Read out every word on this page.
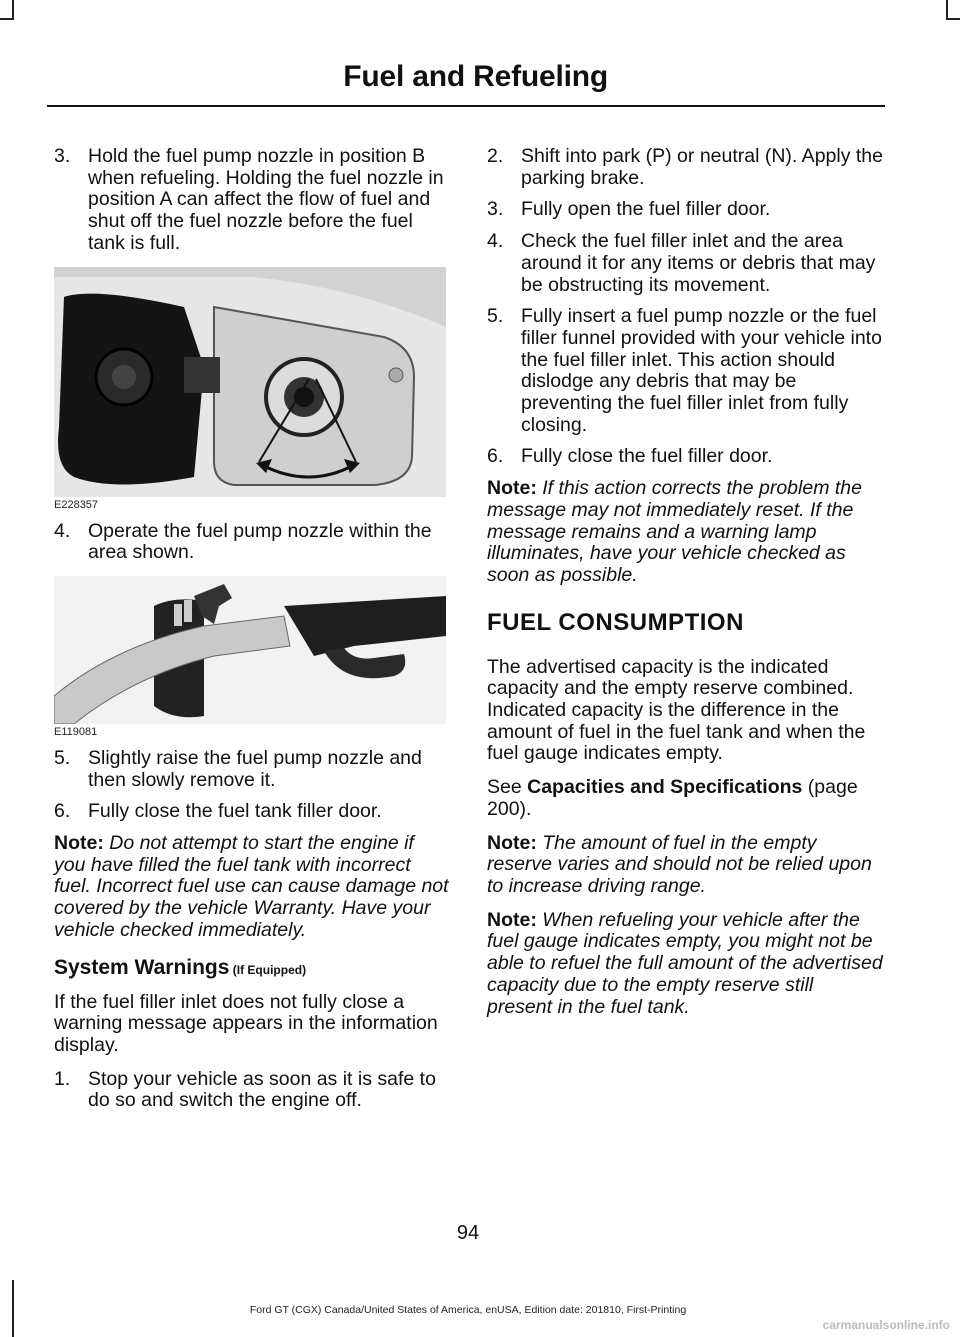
Fuel and Refueling
3. Hold the fuel pump nozzle in position B when refueling. Holding the fuel nozzle in position A can affect the flow of fuel and shut off the fuel nozzle before the fuel tank is full.
E228357
4. Operate the fuel pump nozzle within the area shown.
E119081
5. Slightly raise the fuel pump nozzle and then slowly remove it.
6. Fully close the fuel tank filler door.

Note: Do not attempt to start the engine if you have filled the fuel tank with incorrect fuel. Incorrect fuel use can cause damage not covered by the vehicle Warranty. Have your vehicle checked immediately.

System Warnings (If Equipped)

If the fuel filler inlet does not fully close a warning message appears in the information display.

1. Stop your vehicle as soon as it is safe to do so and switch the engine off.
2. Shift into park (P) or neutral (N). Apply the parking brake.
3. Fully open the fuel filler door.
4. Check the fuel filler inlet and the area around it for any items or debris that may be obstructing its movement.
5. Fully insert a fuel pump nozzle or the fuel filler funnel provided with your vehicle into the fuel filler inlet. This action should dislodge any debris that may be preventing the fuel filler inlet from fully closing.
6. Fully close the fuel filler door.

Note: If this action corrects the problem the message may not immediately reset. If the message remains and a warning lamp illuminates, have your vehicle checked as soon as possible.

FUEL CONSUMPTION

The advertised capacity is the indicated capacity and the empty reserve combined. Indicated capacity is the difference in the amount of fuel in the fuel tank and when the fuel gauge indicates empty.

See Capacities and Specifications (page 200).

Note: The amount of fuel in the empty reserve varies and should not be relied upon to increase driving range.

Note: When refueling your vehicle after the fuel gauge indicates empty, you might not be able to refuel the full amount of the advertised capacity due to the empty reserve still present in the fuel tank.

94
Ford GT (CGX) Canada/United States of America, enUSA, Edition date: 201810, First-Printing
carmanualsonline.info
